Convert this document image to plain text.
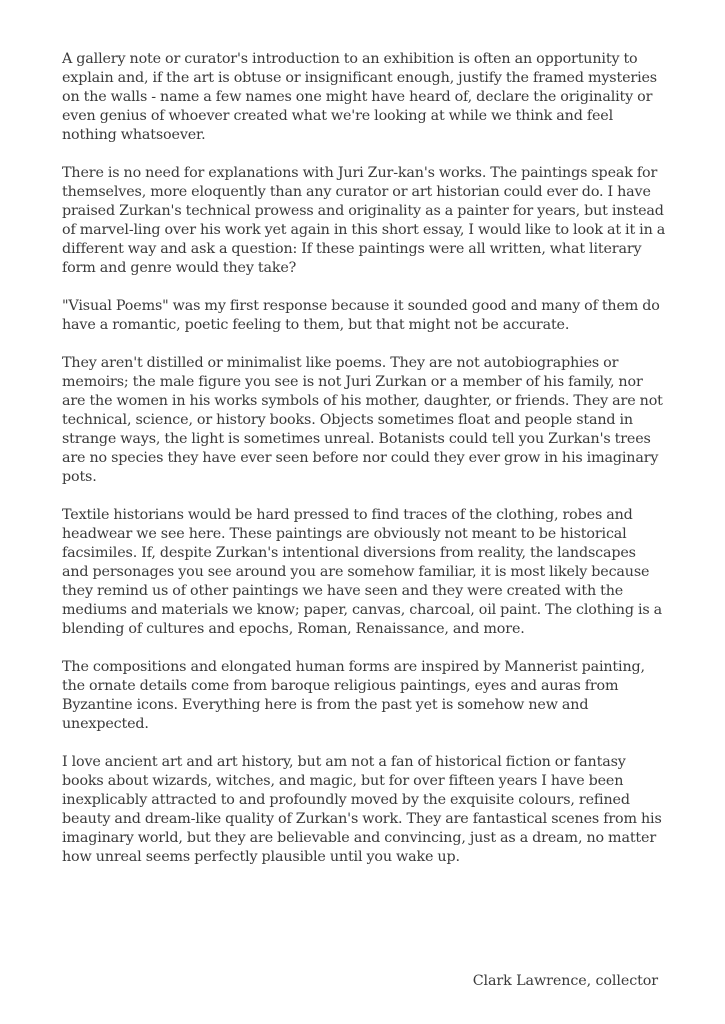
A gallery note or curator's introduction to an exhibition is often an opportunity to explain and, if the art is obtuse or insignificant enough, justify the framed mysteries on the walls - name a few names one might have heard of, declare the originality or even genius of whoever created what we're looking at while we think and feel nothing whatsoever.

There is no need for explanations with Juri Zur-kan's works. The paintings speak for themselves, more eloquently than any curator or art historian could ever do. I have praised Zurkan's technical prowess and originality as a painter for years, but instead of marvel-ling over his work yet again in this short essay, I would like to look at it in a different way and ask a question: If these paintings were all written, what literary form and genre would they take?

"Visual Poems" was my first response because it sounded good and many of them do have a romantic, poetic feeling to them, but that might not be accurate.

They aren't distilled or minimalist like poems. They are not autobiographies or memoirs; the male figure you see is not Juri Zurkan or a member of his family, nor are the women in his works symbols of his mother, daughter, or friends. They are not technical, science, or history books. Objects sometimes float and people stand in strange ways, the light is sometimes unreal. Botanists could tell you Zurkan's trees are no species they have ever seen before nor could they ever grow in his imaginary pots.

Textile historians would be hard pressed to find traces of the clothing, robes and headwear we see here. These paintings are obviously not meant to be historical facsimiles. If, despite Zurkan's intentional diversions from reality, the landscapes and personages you see around you are somehow familiar, it is most likely because they remind us of other paintings we have seen and they were created with the mediums and materials we know; paper, canvas, charcoal, oil paint. The clothing is a blending of cultures and epochs, Roman, Renaissance, and more.

The compositions and elongated human forms are inspired by Mannerist painting, the ornate details come from baroque religious paintings, eyes and auras from Byzantine icons. Everything here is from the past yet is somehow new and unexpected.

I love ancient art and art history, but am not a fan of historical fiction or fantasy books about wizards, witches, and magic, but for over fifteen years I have been inexplicably attracted to and profoundly moved by the exquisite colours, refined beauty and dream-like quality of Zurkan's work. They are fantastical scenes from his imaginary world, but they are believable and convincing, just as a dream, no matter how unreal seems perfectly plausible until you wake up.

Clark Lawrence, collector
